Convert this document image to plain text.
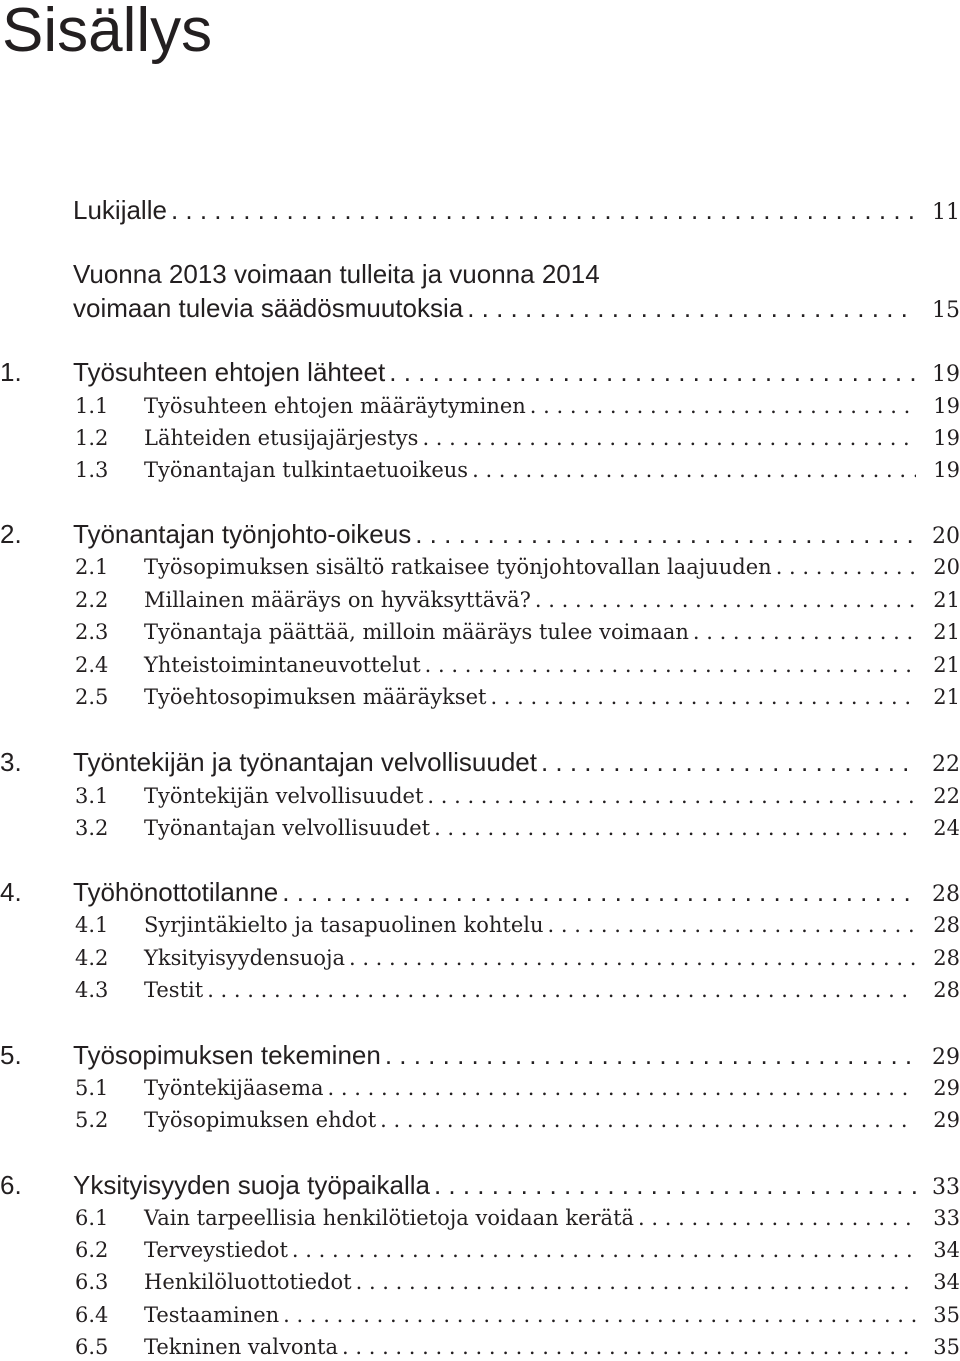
Sisällys
Lukijalle . . .	11
Vuonna 2013 voimaan tulleita ja vuonna 2014
voimaan tulevia säädösmuutoksia . . .	15
1. Työsuhteen ehtojen lähteet . . .	19
1.1 Työsuhteen ehtojen määräytyminen . . .	19
1.2 Lähteiden etusijajärjestys . . .	19
1.3 Työnantajan tulkintaetuoikeus . . .	19
2. Työnantajan työnjohto-oikeus . . .	20
2.1 Työsopimuksen sisältö ratkaisee työnjohtovallan laajuuden . . .	20
2.2 Millainen määräys on hyväksyttävä? . . .	21
2.3 Työnantaja päättää, milloin määräys tulee voimaan . . .	21
2.4 Yhteistoimintaneuvottelut . . .	21
2.5 Työehtosopimuksen määräykset . . .	21
3. Työntekijän ja työnantajan velvollisuudet . . .	22
3.1 Työntekijän velvollisuudet . . .	22
3.2 Työnantajan velvollisuudet . . .	24
4. Työhönottotilanne . . .	28
4.1 Syrjintäkielto ja tasapuolinen kohtelu . . .	28
4.2 Yksityisyydensuoja . . .	28
4.3 Testit . . .	28
5. Työsopimuksen tekeminen . . .	29
5.1 Työntekijäasema . . .	29
5.2 Työsopimuksen ehdot . . .	29
6. Yksityisyyden suoja työpaikalla . . .	33
6.1 Vain tarpeellisia henkilötietoja voidaan kerätä . . .	33
6.2 Terveystiedot . . .	34
6.3 Henkilöluottotiedot . . .	34
6.4 Testaaminen . . .	35
6.5 Tekninen valvonta . . .	35
